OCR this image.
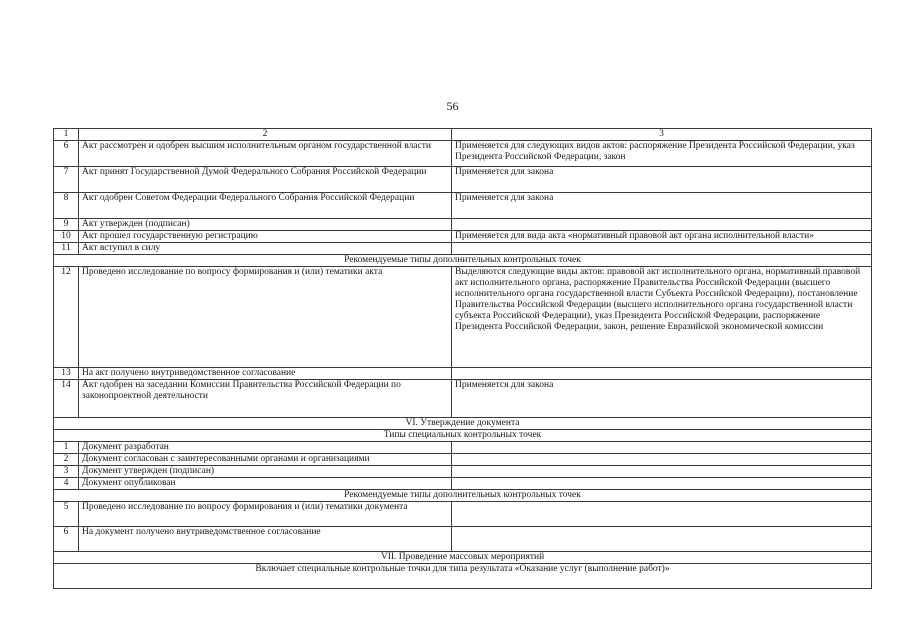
56
1	2	3
6	Акт рассмотрен и одобрен высшим исполнительным органом государственной власти	Применяется для следующих видов актов: распоряжение Президента Российской Федерации, указ Президента Российской Федерации, закон
7	Акт принят Государственной Думой Федерального Собрания Российской Федерации	Применяется для закона
8	Акт одобрен Советом Федерации Федерального Собрания Российской Федерации	Применяется для закона
9	Акт утвержден (подписан)	
10	Акт прошел государственную регистрацию	Применяется для вида акта «нормативный правовой акт органа исполнительной власти»
11	Акт вступил в силу	
Рекомендуемые типы дополнительных контрольных точек		
12	Проведено исследование по вопросу формирования и (или) тематики акта	Выделяются следующие виды актов: правовой акт исполнительного органа, нормативный правовой акт исполнительного органа, распоряжение Правительства Российской Федерации (высшего исполнительного органа государственной власти Субъекта Российской Федерации), постановление Правительства Российской Федерации (высшего исполнительного органа государственной власти субъекта Российской Федерации), указ Президента Российской Федерации, распоряжение Президента Российской Федерации, закон, решение Евразийской экономической комиссии
13	На акт получено внутриведомственное согласование	
14	Акт одобрен на заседании Комиссии Правительства Российской Федерации по законопроектной деятельности	Применяется для закона
VI. Утверждение документа		
Типы специальных контрольных точек		
1	Документ разработан	
2	Документ согласован с заинтересованными органами и организациями	
3	Документ утвержден (подписан)	
4	Документ опубликован	
Рекомендуемые типы дополнительных контрольных точек		
5	Проведено исследование по вопросу формирования и (или) тематики документа	
6	На документ получено внутриведомственное согласование	
VII. Проведение массовых мероприятий		
Включает специальные контрольные точки для типа результата «Оказание услуг (выполнение работ)»		
